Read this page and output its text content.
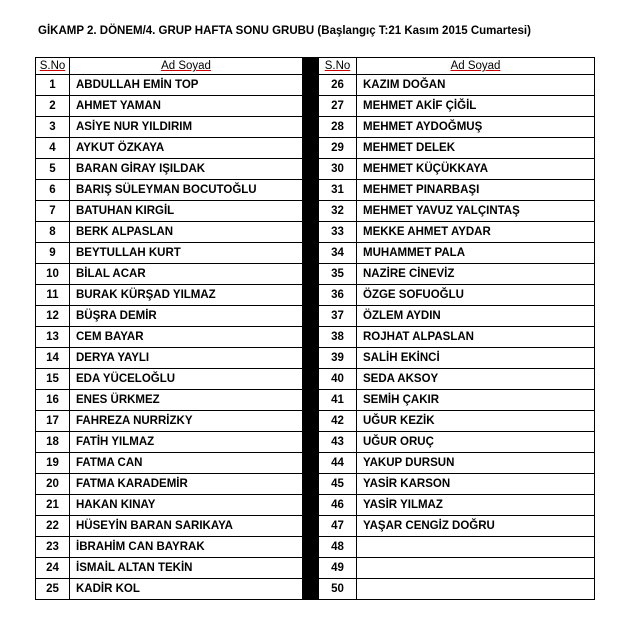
GİKAMP 2. DÖNEM/4. GRUP HAFTA SONU GRUBU (Başlangıç T:21 Kasım 2015 Cumartesi)
S.No	Ad Soyad		S.No	Ad Soyad
1	ABDULLAH EMİN TOP		26	KAZIM DOĞAN
2	AHMET YAMAN		27	MEHMET AKİF ÇİĞİL
3	ASİYE NUR YILDIRIM		28	MEHMET AYDOĞMUŞ
4	AYKUT ÖZKAYA		29	MEHMET DELEK
5	BARAN GİRAY IŞILDAK		30	MEHMET KÜÇÜKKAYA
6	BARIŞ SÜLEYMAN BOCUTOĞLU		31	MEHMET PINARBAŞI
7	BATUHAN KIRGİL		32	MEHMET YAVUZ YALÇINTAŞ
8	BERK ALPASLAN		33	MEKKE AHMET AYDAR
9	BEYTULLAH KURT		34	MUHAMMET PALA
10	BİLAL ACAR		35	NAZİRE CİNEVİZ
11	BURAK KÜRŞAD YILMAZ		36	ÖZGE SOFUOĞLU
12	BÜŞRA DEMİR		37	ÖZLEM AYDIN
13	CEM BAYAR		38	ROJHAT ALPASLAN
14	DERYA YAYLI		39	SALİH EKİNCİ
15	EDA YÜCELOĞLU		40	SEDA AKSOY
16	ENES ÜRKMEZ		41	SEMİH ÇAKIR
17	FAHREZA NURRİZKY		42	UĞUR KEZİK
18	FATİH YILMAZ		43	UĞUR ORUÇ
19	FATMA CAN		44	YAKUP DURSUN
20	FATMA KARADEMİR		45	YASİR KARSON
21	HAKAN KINAY		46	YASİR YILMAZ
22	HÜSEYİN BARAN SARIKAYA		47	YAŞAR CENGİZ DOĞRU
23	İBRAHİM CAN BAYRAK		48	
24	İSMAİL ALTAN TEKİN		49	
25	KADİR KOL		50	
